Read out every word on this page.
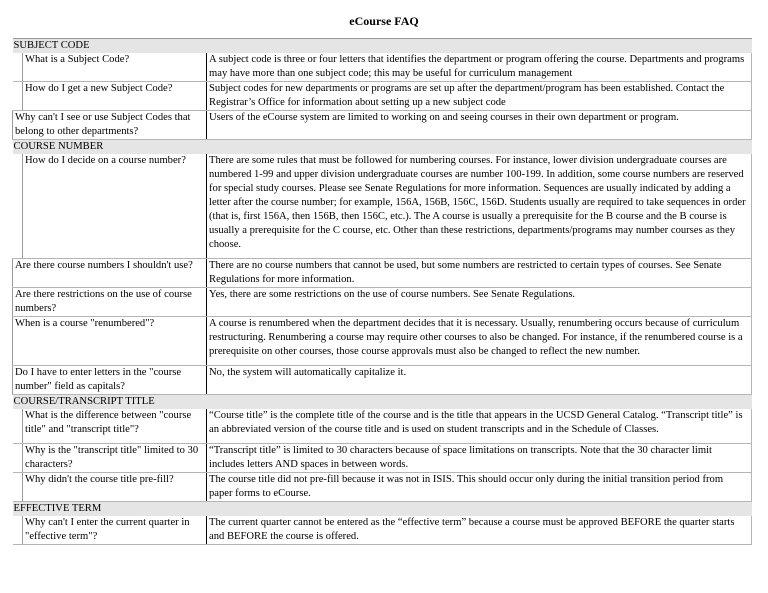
eCourse FAQ
SUBJECT CODE		
	What is a Subject Code?	A subject code is three or four letters that identifies the department or program offering the course. Departments and programs may have more than one subject code; this may be useful for curriculum management
	How do I get a new Subject Code?	Subject codes for new departments or programs are set up after the department/program has been established. Contact the Registrar’s Office for information about setting up a new subject code
Why can't I see or use Subject Codes that belong to other departments?		Users of the eCourse system are limited to working on and seeing courses in their own department or program.
COURSE NUMBER		
	How do I decide on a course number?	There are some rules that must be followed for numbering courses. For instance, lower division undergraduate courses are numbered 1-99 and upper division undergraduate courses are number 100-199. In addition, some course numbers are reserved for special study courses. Please see Senate Regulations for more information. Sequences are usually indicated by adding a letter after the course number; for example, 156A, 156B, 156C, 156D. Students usually are required to take sequences in order (that is, first 156A, then 156B, then 156C, etc.). The A course is usually a prerequisite for the B course and the B course is usually a prerequisite for the C course, etc. Other than these restrictions, departments/programs may number courses as they choose.
Are there course numbers I shouldn't use?		There are no course numbers that cannot be used, but some numbers are restricted to certain types of courses. See Senate Regulations for more information.
Are there restrictions on the use of course numbers?		Yes, there are some restrictions on the use of course numbers. See Senate Regulations.
When is a course "renumbered"?		A course is renumbered when the department decides that it is necessary. Usually, renumbering occurs because of curriculum restructuring. Renumbering a course may require other courses to also be changed. For instance, if the renumbered course is a prerequisite on other courses, those course approvals must also be changed to reflect the new number.
Do I have to enter letters in the "course number" field as capitals?		No, the system will automatically capitalize it.
COURSE/TRANSCRIPT TITLE		
	What is the difference between "course title" and "transcript title"?	“Course title” is the complete title of the course and is the title that appears in the UCSD General Catalog. “Transcript title” is an abbreviated version of the course title and is used on student transcripts and in the Schedule of Classes.
	Why is the "transcript title" limited to 30 characters?	“Transcript title” is limited to 30 characters because of space limitations on transcripts. Note that the 30 character limit includes letters AND spaces in between words.
	Why didn't the course title pre-fill?	The course title did not pre-fill because it was not in ISIS. This should occur only during the initial transition period from paper forms to eCourse.
EFFECTIVE TERM		
	Why can't I enter the current quarter in "effective term"?	The current quarter cannot be entered as the “effective term” because a course must be approved BEFORE the quarter starts and BEFORE the course is offered.
